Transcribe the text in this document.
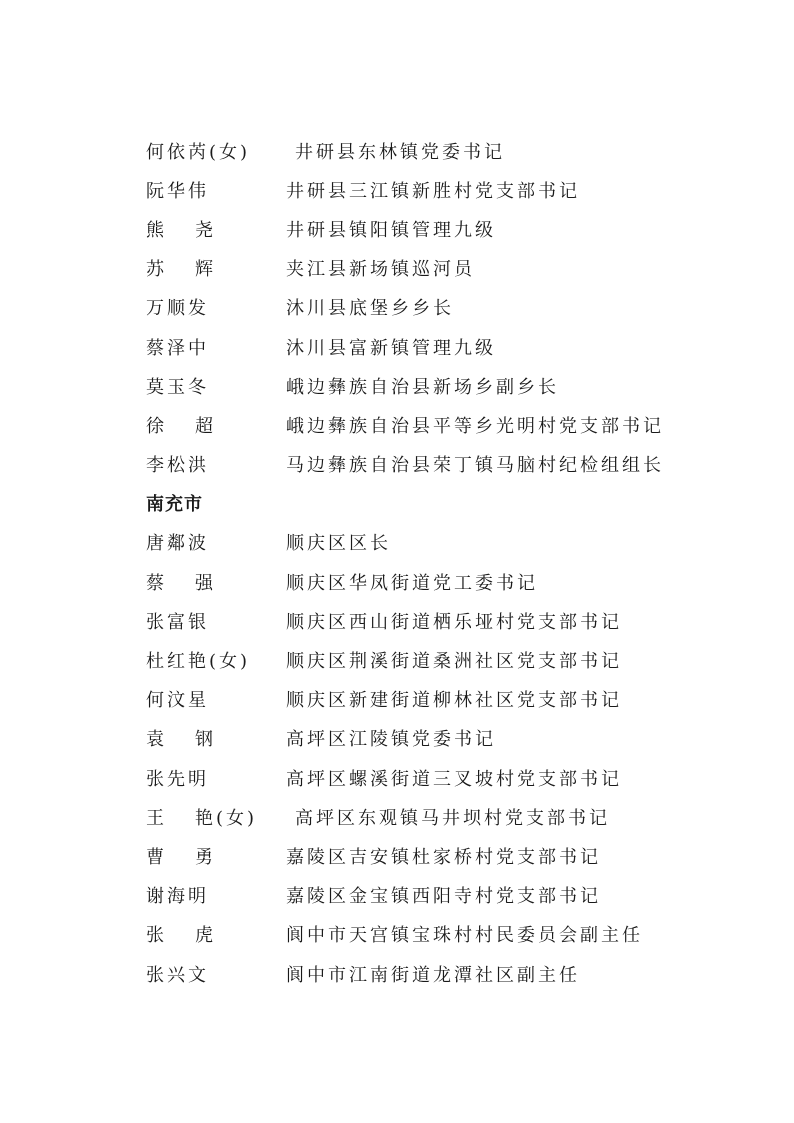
何依芮(女)	井研县东林镇党委书记
阮华伟	井研县三江镇新胜村党支部书记
熊 尧	井研县镇阳镇管理九级
苏 辉	夹江县新场镇巡河员
万顺发	沐川县底堡乡乡长
蔡泽中	沐川县富新镇管理九级
莫玉冬	峨边彝族自治县新场乡副乡长
徐 超	峨边彝族自治县平等乡光明村党支部书记
李松洪	马边彝族自治县荣丁镇马脑村纪检组组长
南充市
唐鄰波	顺庆区区长
蔡 强	顺庆区华凤街道党工委书记
张富银	顺庆区西山街道栖乐垭村党支部书记
杜红艳(女)	顺庆区荆溪街道桑洲社区党支部书记
何汶星	顺庆区新建街道柳林社区党支部书记
袁 钢	高坪区江陵镇党委书记
张先明	高坪区螺溪街道三叉坡村党支部书记
王 艳(女) 高坪区东观镇马井坝村党支部书记
曹 勇	嘉陵区吉安镇杜家桥村党支部书记
谢海明	嘉陵区金宝镇西阳寺村党支部书记
张 虎	阆中市天宫镇宝珠村村民委员会副主任
张兴文	阆中市江南街道龙潭社区副主任
